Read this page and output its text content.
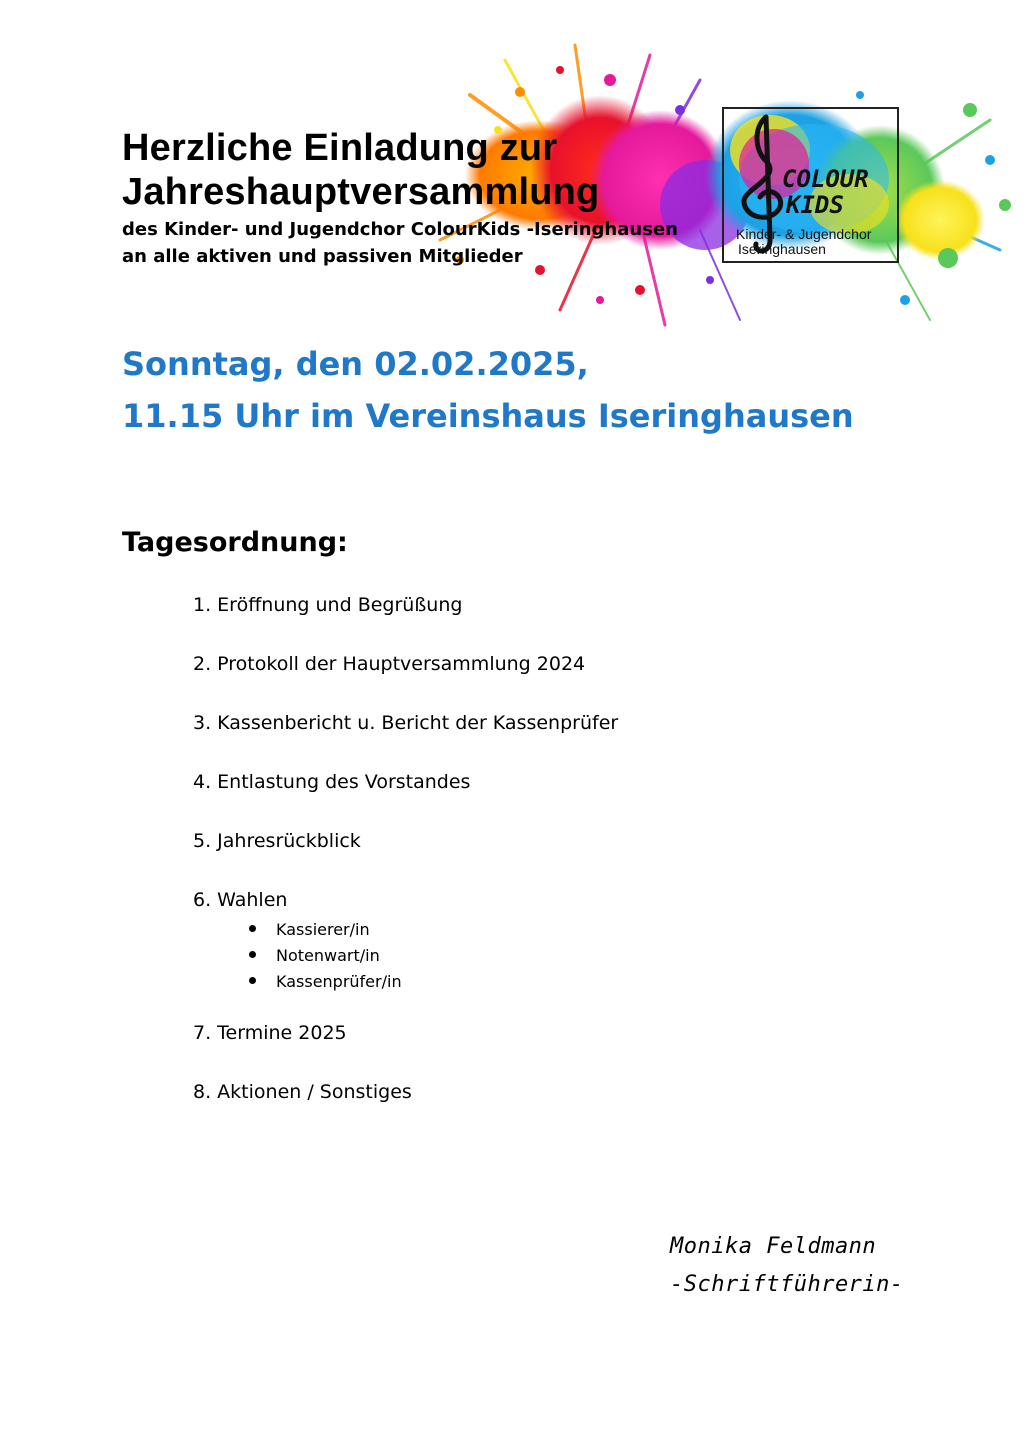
Herzliche Einladung zur

Jahreshauptversammlung

des Kinder- und Jugendchor ColourKids -Iseringhausen

an alle aktiven und passiven Mitglieder

COLOUR
KIDS
Kinder- & Jugendchor
Iseringhausen
Sonntag, den 02.02.2025,
11.15 Uhr im Vereinshaus Iseringhausen
Tagesordnung:
1. Eröffnung und Begrüßung
2. Protokoll der Hauptversammlung 2024
3. Kassenbericht u. Bericht der Kassenprüfer
4. Entlastung des Vorstandes
5. Jahresrückblick
6. Wahlen
Kassierer/in
Notenwart/in
Kassenprüfer/in
7. Termine 2025
8. Aktionen / Sonstiges
Monika Feldmann
-Schriftführerin-
